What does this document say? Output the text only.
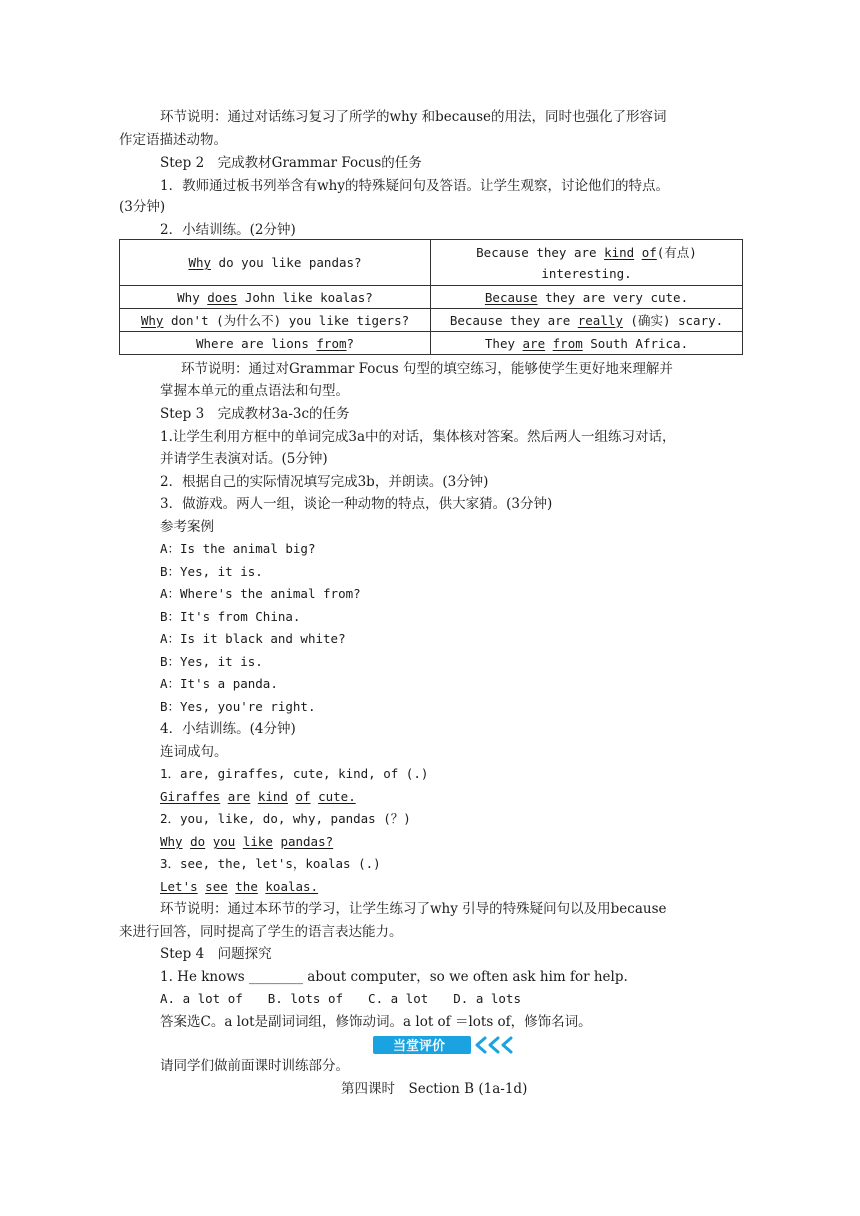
环节说明：通过对话练习复习了所学的why 和because的用法，同时也强化了形容词
作定语描述动物。
Step 2　完成教材Grammar Focus的任务
1．教师通过板书列举含有why的特殊疑问句及答语。让学生观察，讨论他们的特点。
(3分钟)
2．小结训练。(2分钟)
Why do you like pandas?	Because they are kind of(有点)
interesting.

Why does John like koalas?	Because they are very cute.
Why don't (为什么不) you like tigers?	Because they are really (确实) scary.
Where are lions from?	They are from South Africa.
环节说明：通过对Grammar Focus 句型的填空练习，能够使学生更好地来理解并
掌握本单元的重点语法和句型。
Step 3　完成教材3a-3c的任务
1.让学生利用方框中的单词完成3a中的对话，集体核对答案。然后两人一组练习对话，
并请学生表演对话。(5分钟)
2．根据自己的实际情况填写完成3b，并朗读。(3分钟)
3．做游戏。两人一组，谈论一种动物的特点，供大家猜。(3分钟)
参考案例
A：Is the animal big?
B：Yes, it is.
A：Where's the animal from?
B：It's from China.
A：Is it black and white?
B：Yes, it is.
A：It's a panda.
B：Yes, you're right.
4．小结训练。(4分钟)
连词成句。
1．are, giraffes, cute, kind, of (.)
Giraffes are kind of cute.
2．you, like, do, why, pandas (？)
Why do you like pandas?
3．see, the, let's，koalas (.)
Let's see the koalas.
环节说明：通过本环节的学习，让学生练习了why 引导的特殊疑问句以及用because
来进行回答，同时提高了学生的语言表达能力。
Step 4　问题探究
1. He knows ________ about computer，so we often ask him for help.
A. a lot of　　B. lots of　　C. a lot　　D. a lots
答案选C。a lot是副词词组，修饰动词。a lot of ＝lots of，修饰名词。
当堂评价
请同学们做前面课时训练部分。
第四课时　Section B (1a-1d)
